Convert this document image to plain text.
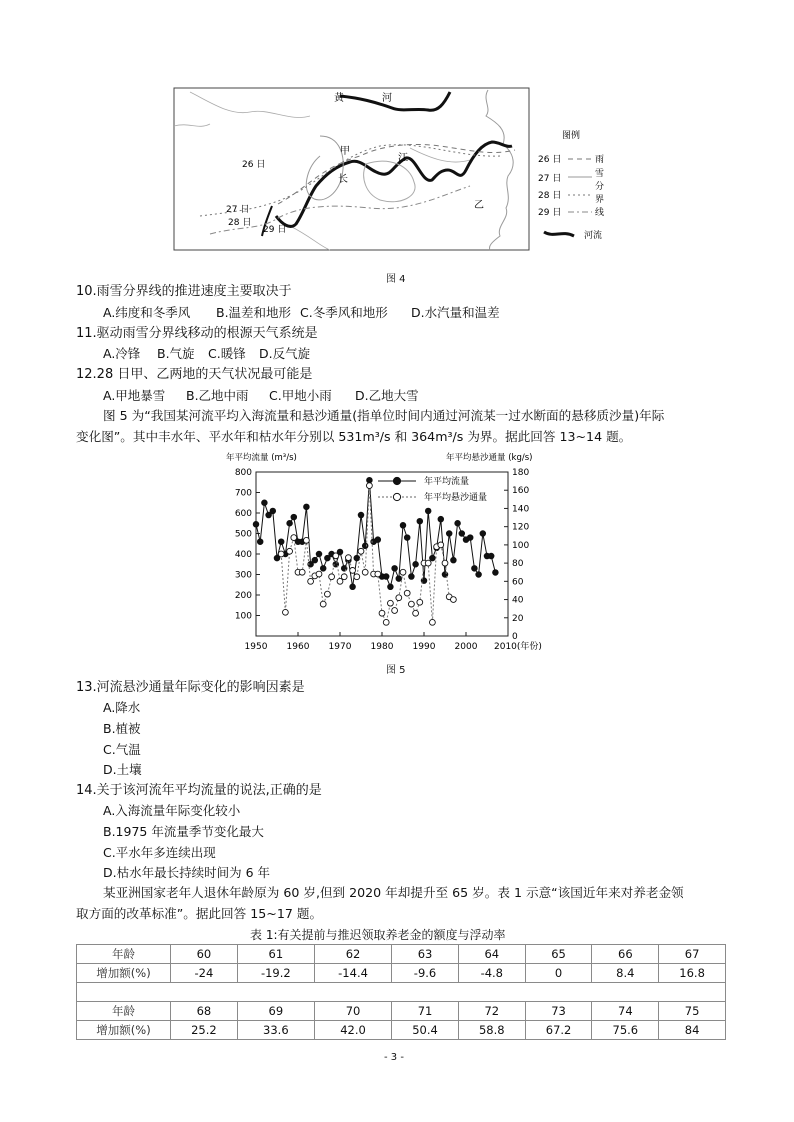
黄	河
甲
江
长
乙
26 日
27 日
28 日
29 日
图例
26 日
27 日
28 日
29 日
雨
雪
分
界
线
河流
图 4
10.雨雪分界线的推进速度主要取决于
A.纬度和冬季风 B.温差和地形 C.冬季风和地形 D.水汽量和温差
11.驱动雨雪分界线移动的根源天气系统是
A.冷锋 B.气旋 C.暖锋 D.反气旋
12.28 日甲、乙两地的天气状况最可能是
A.甲地暴雪 B.乙地中雨 C.甲地小雨 D.乙地大雪
图 5 为“我国某河流平均入海流量和悬沙通量(指单位时间内通过河流某一过水断面的悬移质沙量)年际
变化图”。其中丰水年、平水年和枯水年分别以 531m³/s 和 364m³/s 为界。据此回答 13~14 题。
100
200
300
400
500
600
700
800
0
20
40
60
80
100
120
140
160
180
1950 1960 1970 1980 1990 2000 2010(年份)
年平均流量 (m³/s)	年平均悬沙通量 (kg/s)
年平均流量
年平均悬沙通量
图 5
13.河流悬沙通量年际变化的影响因素是
A.降水
B.植被
C.气温
D.土壤
14.关于该河流年平均流量的说法,正确的是
A.入海流量年际变化较小
B.1975 年流量季节变化最大
C.平水年多连续出现
D.枯水年最长持续时间为 6 年
某亚洲国家老年人退休年龄原为 60 岁,但到 2020 年却提升至 65 岁。表 1 示意“该国近年来对养老金领
取方面的改革标准”。据此回答 15~17 题。
表 1:有关提前与推迟领取养老金的额度与浮动率
年龄	60	61	62	63	64	65	66	67
增加额(%)	-24	-19.2	-14.4	-9.6	-4.8	0	8.4	16.8

年龄	68	69	70	71	72	73	74	75
增加额(%)	25.2	33.6	42.0	50.4	58.8	67.2	75.6	84
- 3 -
